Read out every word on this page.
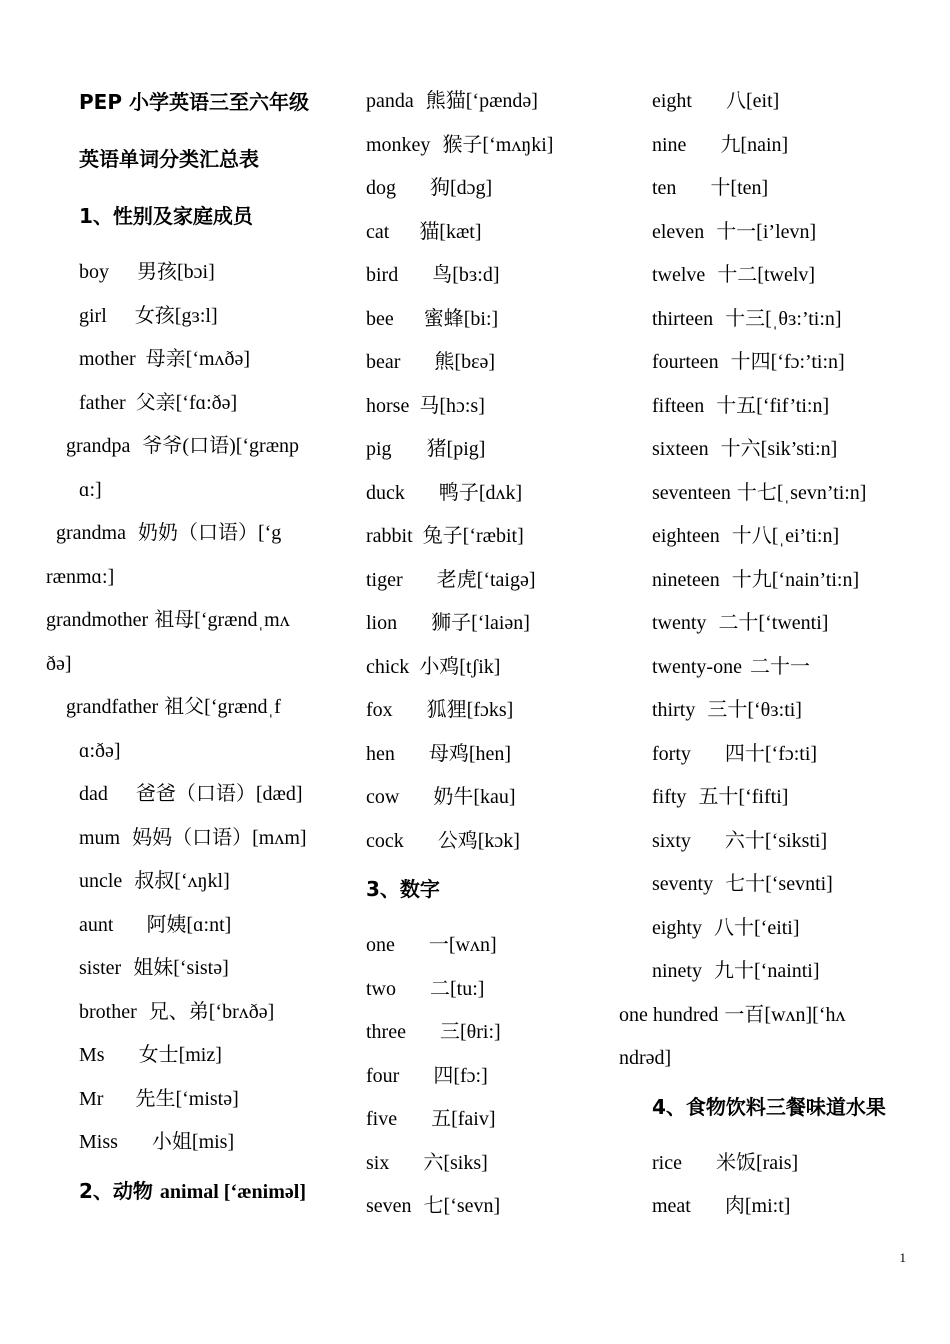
PEP 小学英语三至六年级
英语单词分类汇总表
1、性别及家庭成员
boy 男孩[bɔi]
girl 女孩[gɜ:l]
mother 母亲[‘mʌðə]
father 父亲[‘fɑ:ðə]
grandpa 爷爷(口语)[‘grænp
ɑ:]
grandma 奶奶（口语）[‘g
rænmɑ:]
grandmother 祖母[‘grændˌmʌ
ðə]
grandfather 祖父[‘grændˌf
ɑ:ðə]
dad 爸爸（口语）[dæd]
mum 妈妈（口语）[mʌm]
uncle 叔叔[‘ʌŋkl]
aunt 阿姨[ɑ:nt]
sister 姐妹[‘sistə]
brother 兄、弟[‘brʌðə]
Ms 女士[miz]
Mr 先生[‘mistə]
Miss 小姐[mis]
2、动物 animal [‘æniməl]
panda 熊猫[‘pændə]
monkey 猴子[‘mʌŋki]
dog 狗[dɔg]
cat 猫[kæt]
bird 鸟[bɜ:d]
bee 蜜蜂[bi:]
bear 熊[bɛə]
horse 马[hɔ:s]
pig 猪[pig]
duck 鸭子[dʌk]
rabbit 兔子[‘ræbit]
tiger 老虎[‘taigə]
lion 狮子[‘laiən]
chick 小鸡[tʃik]
fox 狐狸[fɔks]
hen 母鸡[hen]
cow 奶牛[kau]
cock 公鸡[kɔk]
3、数字
one 一[wʌn]
two 二[tu:]
three 三[θri:]
four 四[fɔ:]
five 五[faiv]
six 六[siks]
seven 七[‘sevn]
eight 八[eit]
nine 九[nain]
ten 十[ten]
eleven 十一[i’levn]
twelve 十二[twelv]
thirteen 十三[ˌθɜ:’ti:n]
fourteen 十四[‘fɔ:’ti:n]
fifteen 十五[‘fif’ti:n]
sixteen 十六[sik’sti:n]
seventeen 十七[ˌsevn’ti:n]
eighteen 十八[ˌei’ti:n]
nineteen 十九[‘nain’ti:n]
twenty 二十[‘twenti]
twenty-one 二十一
thirty 三十[‘θɜ:ti]
forty 四十[‘fɔ:ti]
fifty 五十[‘fifti]
sixty 六十[‘siksti]
seventy 七十[‘sevnti]
eighty 八十[‘eiti]
ninety 九十[‘nainti]
one hundred 一百[wʌn][‘hʌ
ndrəd]
4、食物饮料三餐味道水果
rice 米饭[rais]
meat 肉[mi:t]
1
